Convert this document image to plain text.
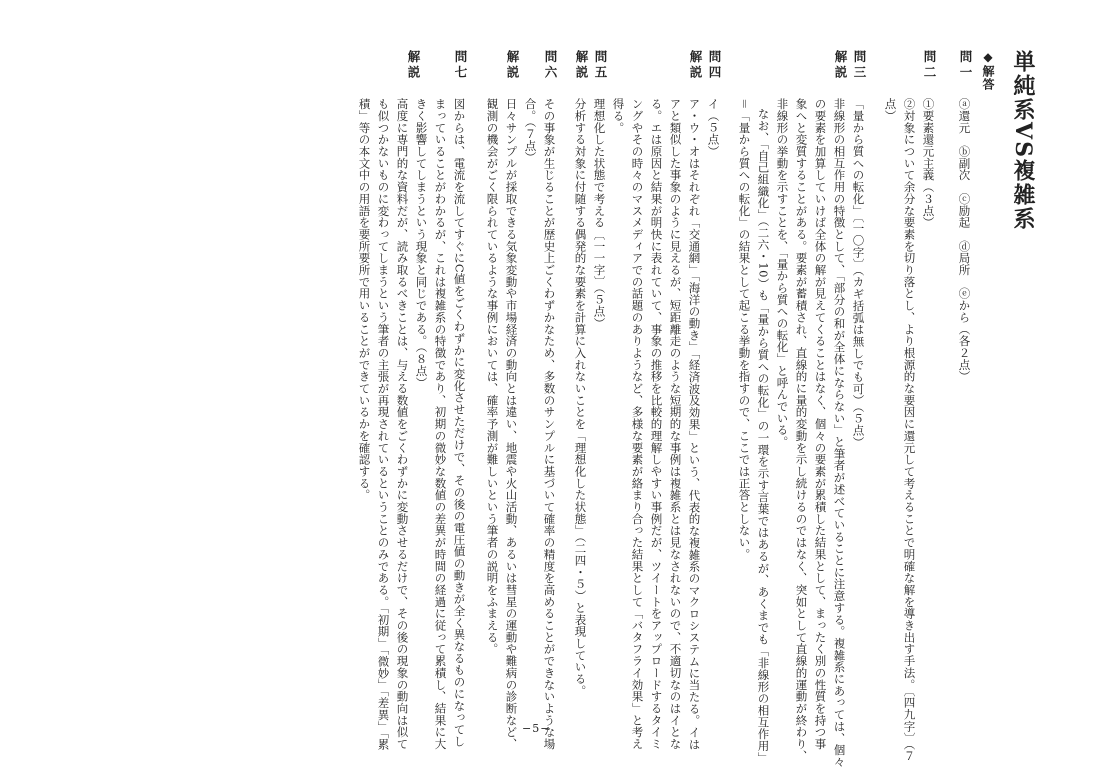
単純系VS複雑系
◆解答
問一
ⓐ還元　ⓑ副次　ⓒ励起　ⓓ局所　ⓔから（各２点）
問二
①要素還元主義（３点）
②対象について余分な要素を切り落とし、より根源的な要因に還元して考えることで明確な解を導き出す手法。〔四九字〕（７
点）
問三
解説
「量から質への転化」〔一〇字〕（カギ括弧は無しでも可）（５点）
非線形の相互作用の特徴として、「部分の和が全体にならない」と筆者が述べていることに注意する。複雑系にあっては、個々
の要素を加算していけば全体の解が見えてくることはなく、個々の要素が累積した結果として、まったく別の性質を持つ事
象へと変質することがある。要素が蓄積され、直線的に量的変動を示し続けるのではなく、突如として直線的運動が終わり、
非線形の挙動を示すことを、「量から質への転化」と呼んでいる。
なお、「自己組織化」（二六・10）も「量から質への転化」の一環を示す言葉ではあるが、あくまでも「非線形の相互作用」
＝「量から質への転化」の結果として起こる挙動を指すので、ここでは正答としない。
問四
解説
イ（５点）
ア・ウ・オはそれぞれ「交通網」「海洋の動き」「経済波及効果」という、代表的な複雑系のマクロシステムに当たる。イは
アと類似した事象のように見えるが、短距離走のような短期的な事例は複雑系とは見なされないので、不適切なのはイとな
る。エは原因と結果が明快に表れていて、事象の推移を比較的理解しやすい事例だが、ツイートをアップロードするタイミ
ングやその時々のマスメディアでの話題のありようなど、多様な要素が絡まり合った結果として「バタフライ効果」と考え
得る。
問五
解説
理想化した状態で考える〔一一字〕（５点）
分析する対象に付随する偶発的な要素を計算に入れないことを「理想化した状態」（二四・５）と表現している。
問六
解説
その事象が生じることが歴史上ごくわずかなため、多数のサンプルに基づいて確率の精度を高めることができないような場
合。（７点）
日々サンプルが採取できる気象変動や市場経済の動向とは違い、地震や火山活動、あるいは彗星の運動や難病の診断など、
観測の機会がごく限られているような事例においては、確率予測が難しいという筆者の説明をふまえる。
問七
解説
図からは、電流を流してすぐにC値をごくわずかに変化させただけで、その後の電圧値の動きが全く異なるものになってし
まっていることがわかるが、これは複雑系の特徴であり、初期の微妙な数値の差異が時間の経過に従って累積し、結果に大
きく影響してしまうという現象と同じである。（８点）
高度に専門的な資料だが、読み取るべきことは、与える数値をごくわずかに変動させるだけで、その後の現象の動向は似て
も似つかないものに変わってしまうという筆者の主張が再現されているということのみである。「初期」「微妙」「差異」「累
積」等の本文中の用語を要所要所で用いることができているかを確認する。
−5−
